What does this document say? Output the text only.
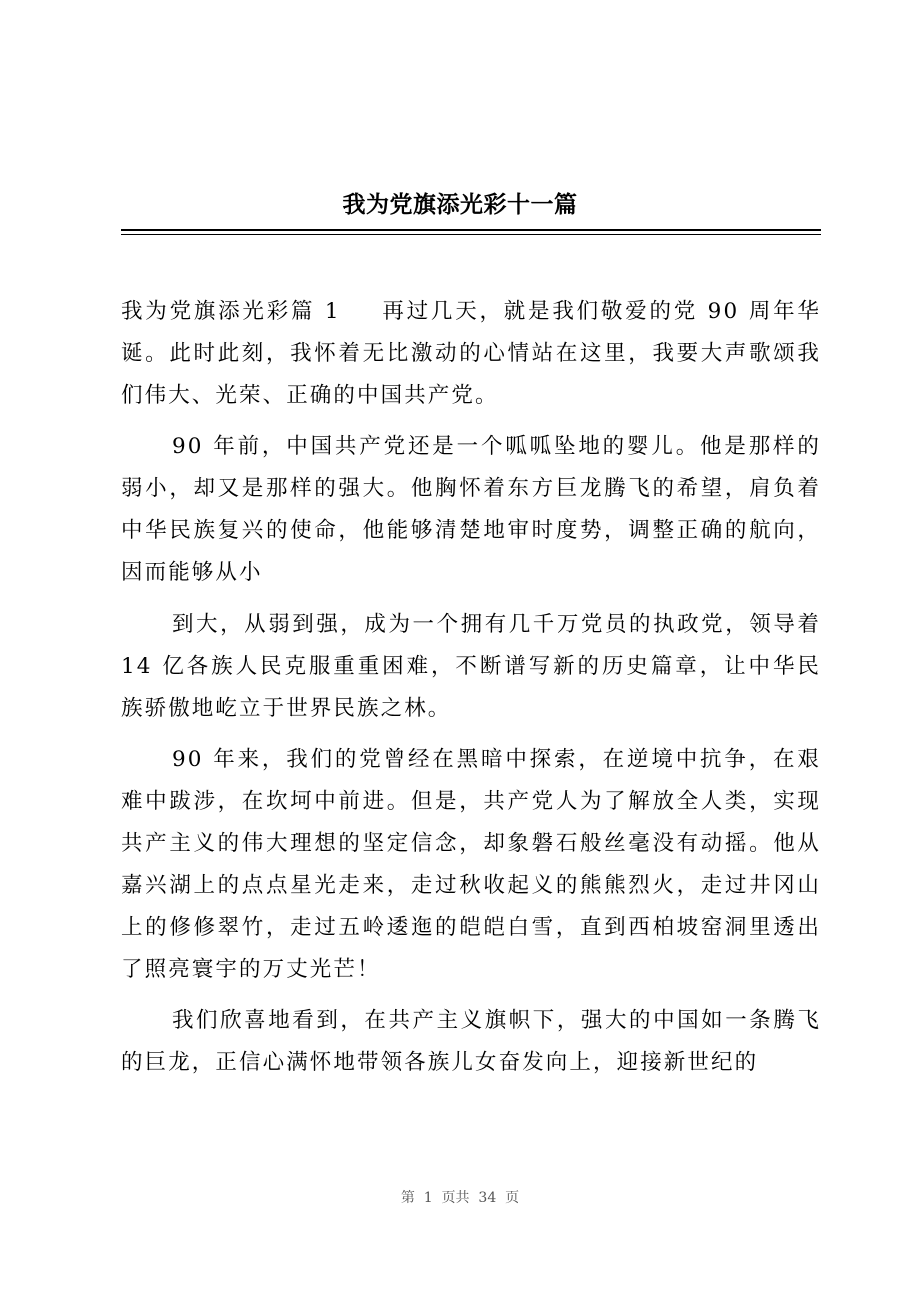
我为党旗添光彩十一篇

我为党旗添光彩篇 1 再过几天，就是我们敬爱的党 90 周年华诞。此时此刻，我怀着无比激动的心情站在这里，我要大声歌颂我们伟大、光荣、正确的中国共产党。

90 年前，中国共产党还是一个呱呱坠地的婴儿。他是那样的弱小，却又是那样的强大。他胸怀着东方巨龙腾飞的希望，肩负着中华民族复兴的使命，他能够清楚地审时度势，调整正确的航向，因而能够从小

到大，从弱到强，成为一个拥有几千万党员的执政党，领导着 14 亿各族人民克服重重困难，不断谱写新的历史篇章，让中华民族骄傲地屹立于世界民族之林。

90 年来，我们的党曾经在黑暗中探索，在逆境中抗争，在艰难中跋涉，在坎坷中前进。但是，共产党人为了解放全人类，实现共产主义的伟大理想的坚定信念，却象磐石般丝毫没有动摇。他从嘉兴湖上的点点星光走来，走过秋收起义的熊熊烈火，走过井冈山上的修修翠竹，走过五岭逶迤的皑皑白雪，直到西柏坡窑洞里透出了照亮寰宇的万丈光芒！

我们欣喜地看到，在共产主义旗帜下，强大的中国如一条腾飞的巨龙，正信心满怀地带领各族儿女奋发向上，迎接新世纪的

第  1  页共  34  页
